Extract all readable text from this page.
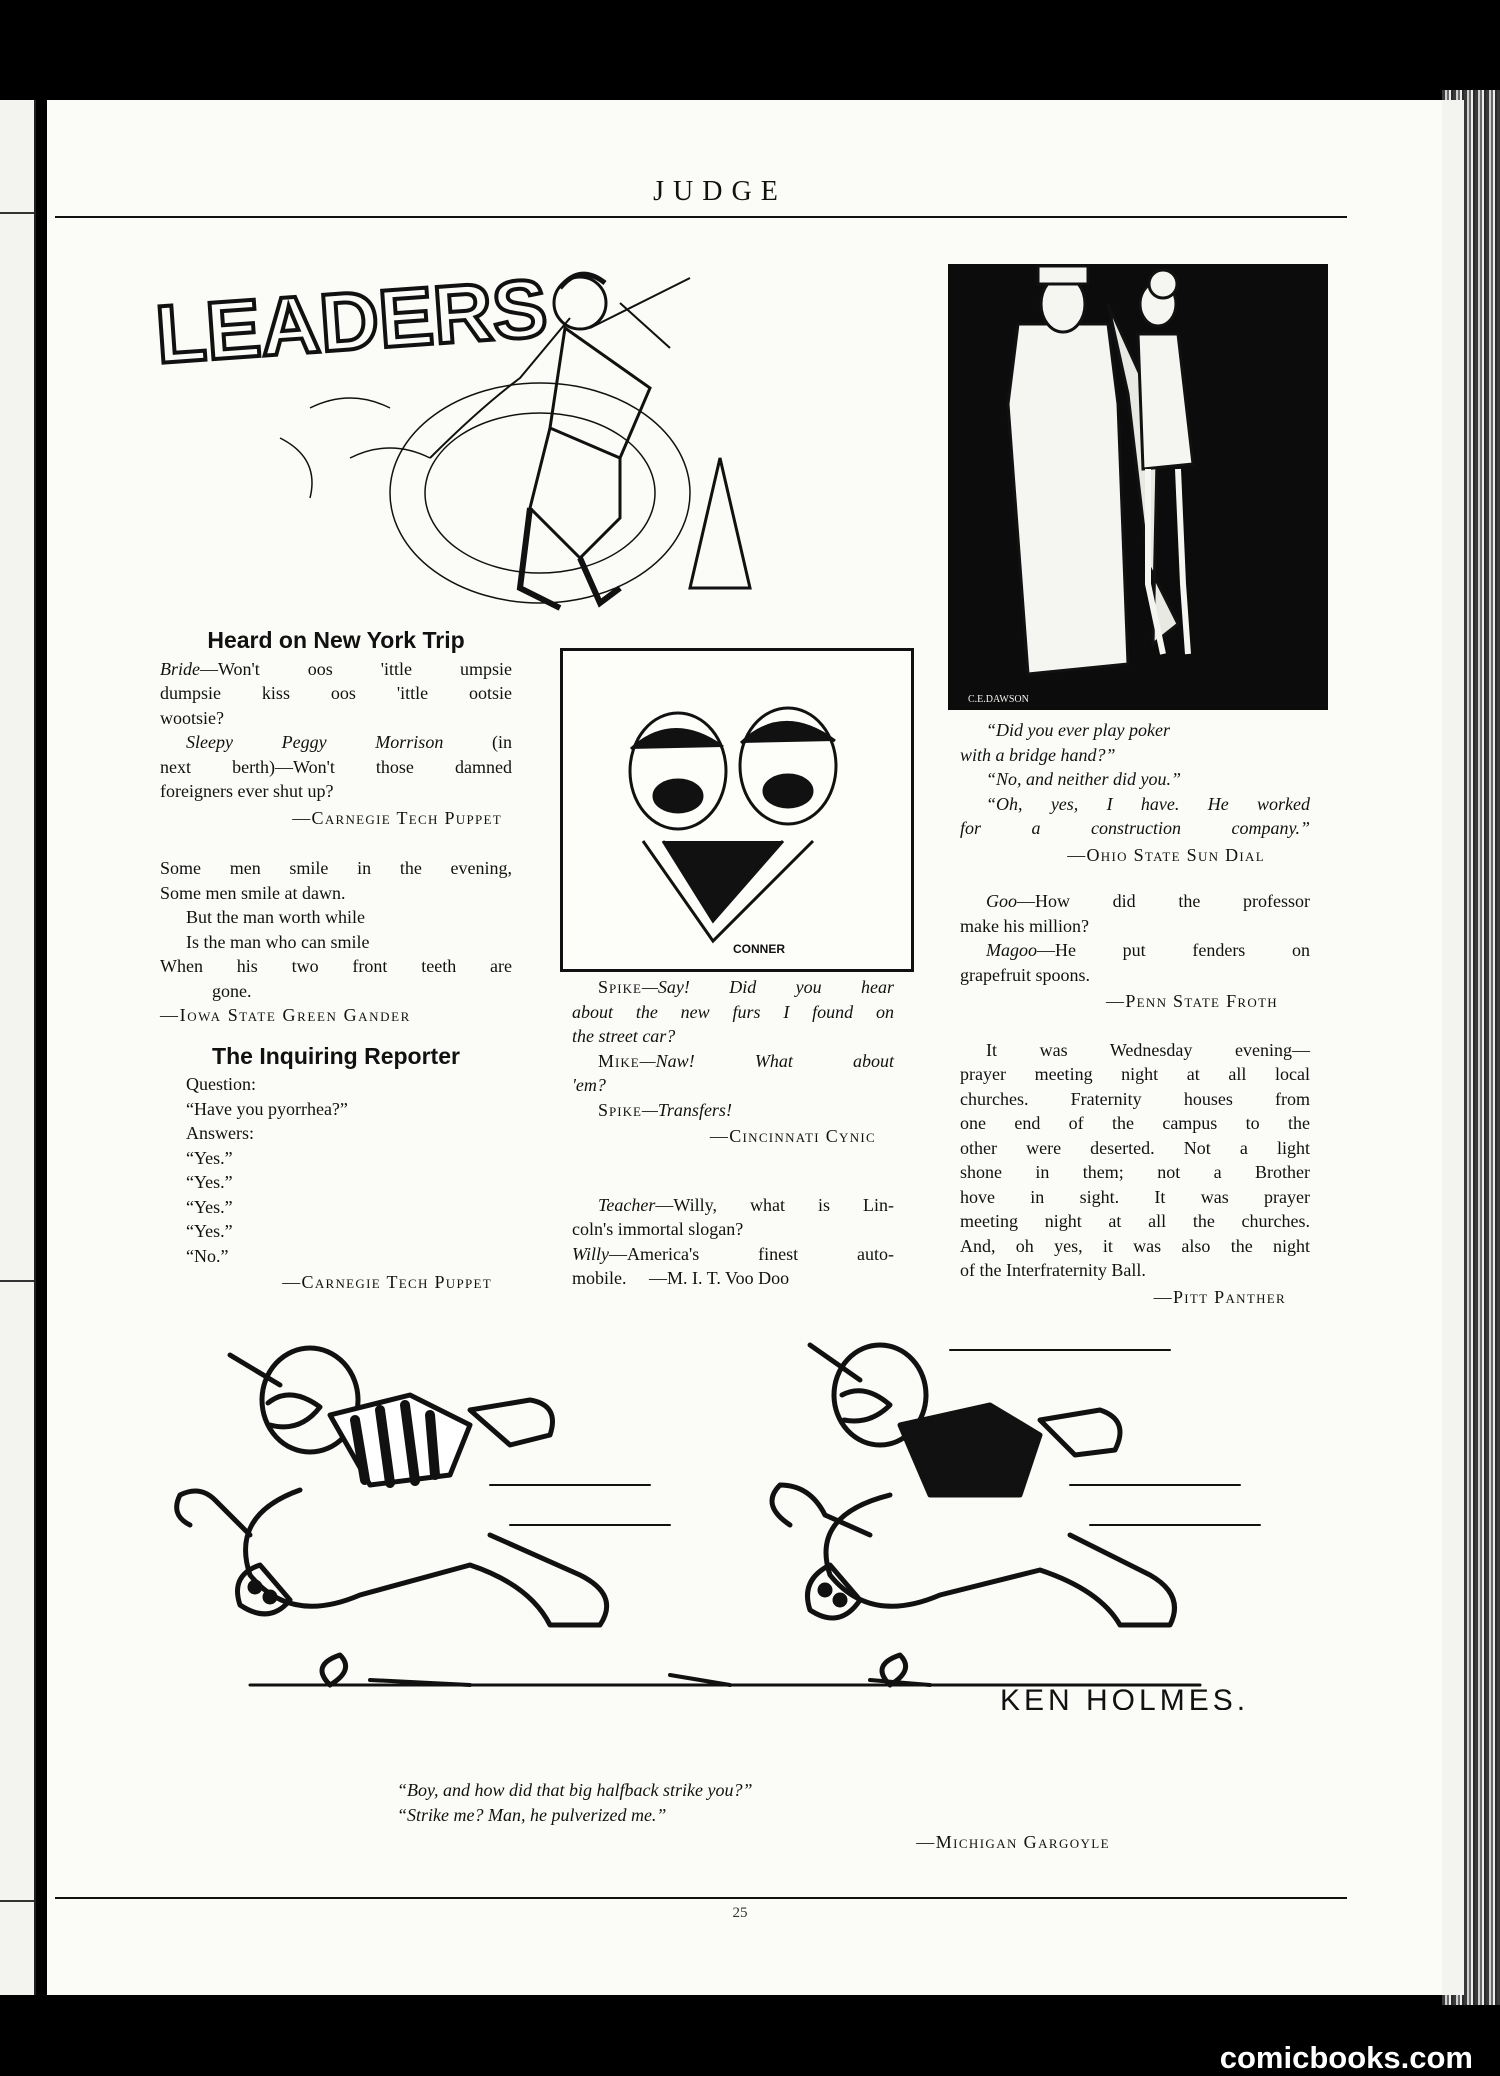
JUDGE
25
LEADERS
C.E.DAWSON
CONNER
Heard on New York Trip

Bride—Won't oos 'ittle umpsie

dumpsie kiss oos 'ittle ootsie

wootsie?

Sleepy Peggy Morrison (in

next berth)—Won't those damned

foreigners ever shut up?

—Carnegie Tech Puppet

Some men smile in the evening,

Some men smile at dawn.

But the man worth while

Is the man who can smile

When his two front teeth are

gone.

—Iowa State Green Gander

The Inquiring Reporter

Question:

“Have you pyorrhea?”

Answers:

“Yes.”

“Yes.”

“Yes.”

“Yes.”

“No.”

—Carnegie Tech Puppet

Spike—Say! Did you hear

about the new furs I found on

the street car?

Mike—Naw! What about

'em?

Spike—Transfers!

—Cincinnati Cynic

Teacher—Willy, what is Lin-

coln's immortal slogan?

Willy—America's finest auto-

mobile.  —M. I. T. Voo Doo

“Did you ever play poker

with a bridge hand?”

“No, and neither did you.”

“Oh, yes, I have. He worked

for a construction company.”

—Ohio State Sun Dial

Goo—How did the professor

make his million?

Magoo—He put fenders on

grapefruit spoons.

—Penn State Froth

It was Wednesday evening—

prayer meeting night at all local

churches. Fraternity houses from

one end of the campus to the

other were deserted. Not a light

shone in them; not a Brother

hove in sight. It was prayer

meeting night at all the churches.

And, oh yes, it was also the night

of the Interfraternity Ball.

—Pitt Panther

KEN HOLMES.

“Boy, and how did that big halfback strike you?”

“Strike me? Man, he pulverized me.”

—Michigan Gargoyle
comicbooks.com
